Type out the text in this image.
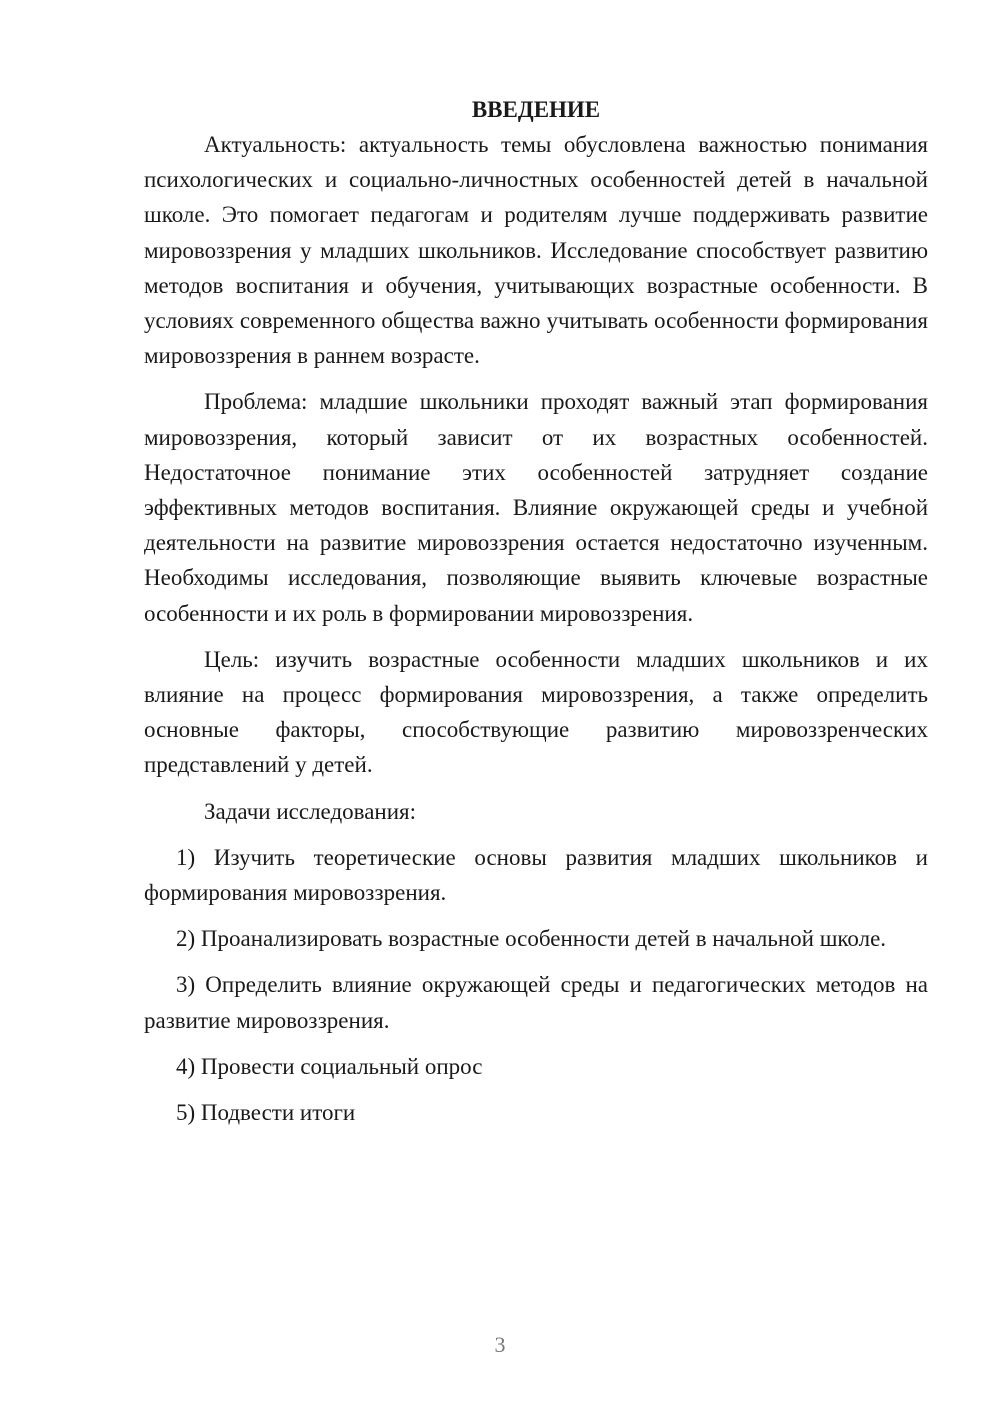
ВВЕДЕНИЕ

Актуальность: актуальность темы обусловлена важностью понимания психологических и социально-личностных особенностей детей в начальной школе. Это помогает педагогам и родителям лучше поддерживать развитие мировоззрения у младших школьников. Исследование способствует развитию методов воспитания и обучения, учитывающих возрастные особенности. В условиях современного общества важно учитывать особенности формирования мировоззрения в раннем возрасте.

Проблема: младшие школьники проходят важный этап формирования мировоззрения, который зависит от их возрастных особенностей. Недостаточное понимание этих особенностей затрудняет создание эффективных методов воспитания. Влияние окружающей среды и учебной деятельности на развитие мировоззрения остается недостаточно изученным. Необходимы исследования, позволяющие выявить ключевые возрастные особенности и их роль в формировании мировоззрения.

Цель: изучить возрастные особенности младших школьников и их влияние на процесс формирования мировоззрения, а также определить основные факторы, способствующие развитию мировоззренческих представлений у детей.

Задачи исследования:

1) Изучить теоретические основы развития младших школьников и формирования мировоззрения.

2) Проанализировать возрастные особенности детей в начальной школе.

3) Определить влияние окружающей среды и педагогических методов на развитие мировоззрения.

4) Провести социальный опрос

5) Подвести итоги

3
